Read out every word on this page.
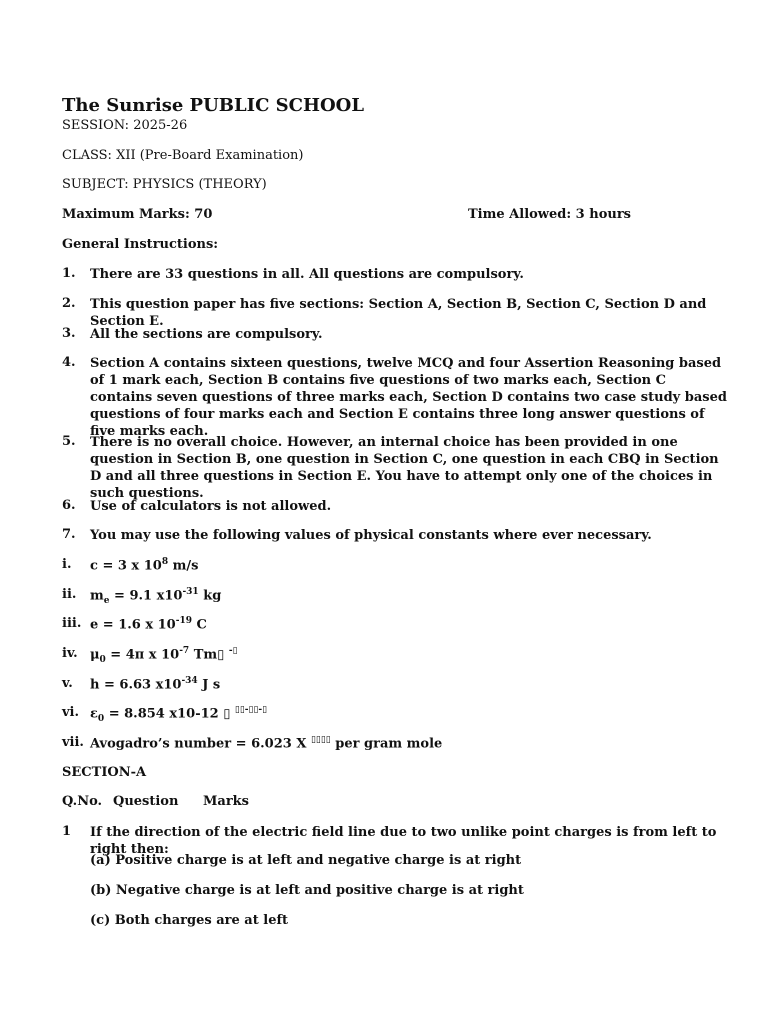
The Sunrise PUBLIC SCHOOL
SESSION: 2025-26
CLASS: XII (Pre-Board Examination)
SUBJECT: PHYSICS (THEORY)
Maximum Marks: 70	Time Allowed: 3 hours
General Instructions:
1. There are 33 questions in all. All questions are compulsory.
2. This question paper has five sections: Section A, Section B, Section C, Section D and Section E.
3. All the sections are compulsory.
4. Section A contains sixteen questions, twelve MCQ and four Assertion Reasoning based of 1 mark each, Section B contains five questions of two marks each, Section C contains seven questions of three marks each, Section D contains two case study based questions of four marks each and Section E contains three long answer questions of five marks each.
5. There is no overall choice. However, an internal choice has been provided in one question in Section B, one question in Section C, one question in each CBQ in Section D and all three questions in Section E. You have to attempt only one of the choices in such questions.
6. Use of calculators is not allowed.
7. You may use the following values of physical constants where ever necessary.
i. c = 3 x $10^8$ m/s
ii. $m_e = 9.1$ $x10^{-31}$ kg
iii. e = 1.6 x $10^{-19}$ C
iv. $\mu_0 = 4\pi$ x $10^{-7}$ Tm▯ -▯
v. h = 6.63 $x10^{-34}$ J s
vi. $\varepsilon_0 = 8.854$ x10-12 ▯ ▯▯-▯▯-▯
vii. Avogadro’s number = 6.023 X ▯▯▯▯ per gram mole
SECTION-A
Q.No. Question Marks
1 If the direction of the electric field line due to two unlike point charges is from left to right then:
(a) Positive charge is at left and negative charge is at right
(b) Negative charge is at left and positive charge is at right
(c) Both charges are at left
